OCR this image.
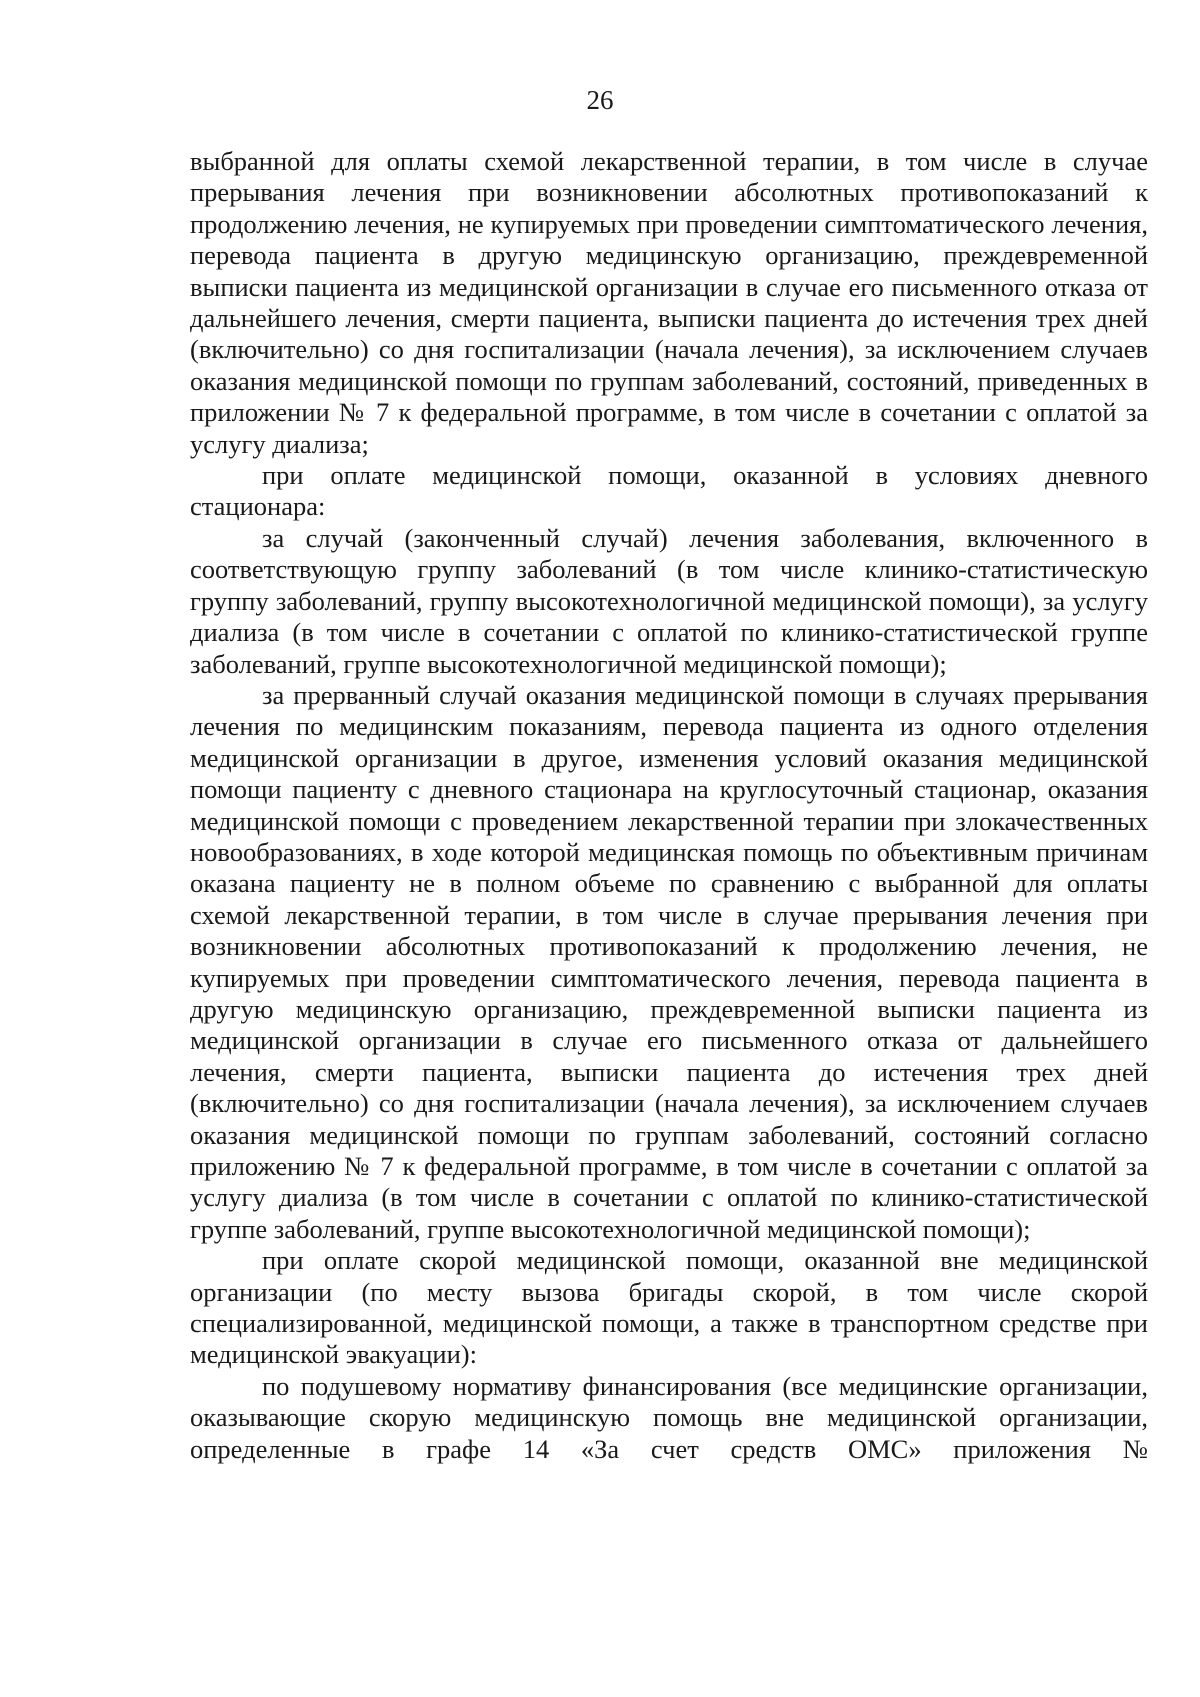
26

выбранной для оплаты схемой лекарственной терапии, в том числе в случае прерывания лечения при возникновении абсолютных противопоказаний к продолжению лечения, не купируемых при проведении симптоматического лечения, перевода пациента в другую медицинскую организацию, преждевременной выписки пациента из медицинской организации в случае его письменного отказа от дальнейшего лечения, смерти пациента, выписки пациента до истечения трех дней (включительно) со дня госпитализации (начала лечения), за исключением случаев оказания медицинской помощи по группам заболеваний, состояний, приведенных в приложении № 7 к федеральной программе, в том числе в сочетании с оплатой за услугу диализа;

при оплате медицинской помощи, оказанной в условиях дневного стационара:

за случай (законченный случай) лечения заболевания, включенного в соответствующую группу заболеваний (в том числе клинико-статистическую группу заболеваний, группу высокотехнологичной медицинской помощи), за услугу диализа (в том числе в сочетании с оплатой по клинико-статистической группе заболеваний, группе высокотехнологичной медицинской помощи);

за прерванный случай оказания медицинской помощи в случаях прерывания лечения по медицинским показаниям, перевода пациента из одного отделения медицинской организации в другое, изменения условий оказания медицинской помощи пациенту с дневного стационара на круглосуточный стационар, оказания медицинской помощи с проведением лекарственной терапии при злокачественных новообразованиях, в ходе которой медицинская помощь по объективным причинам оказана пациенту не в полном объеме по сравнению с выбранной для оплаты схемой лекарственной терапии, в том числе в случае прерывания лечения при возникновении абсолютных противопоказаний к продолжению лечения, не купируемых при проведении симптоматического лечения, перевода пациента в другую медицинскую организацию, преждевременной выписки пациента из медицинской организации в случае его письменного отказа от дальнейшего лечения, смерти пациента, выписки пациента до истечения трех дней (включительно) со дня госпитализации (начала лечения), за исключением случаев оказания медицинской помощи по группам заболеваний, состояний согласно приложению № 7 к федеральной программе, в том числе в сочетании с оплатой за услугу диализа (в том числе в сочетании с оплатой по клинико-статистической группе заболеваний, группе высокотехнологичной медицинской помощи);

при оплате скорой медицинской помощи, оказанной вне медицинской организации (по месту вызова бригады скорой, в том числе скорой специализированной, медицинской помощи, а также в транспортном средстве при медицинской эвакуации):

по подушевому нормативу финансирования (все медицинские организации, оказывающие скорую медицинскую помощь вне медицинской организации, определенные в графе 14 «За счет средств ОМС» приложения №
